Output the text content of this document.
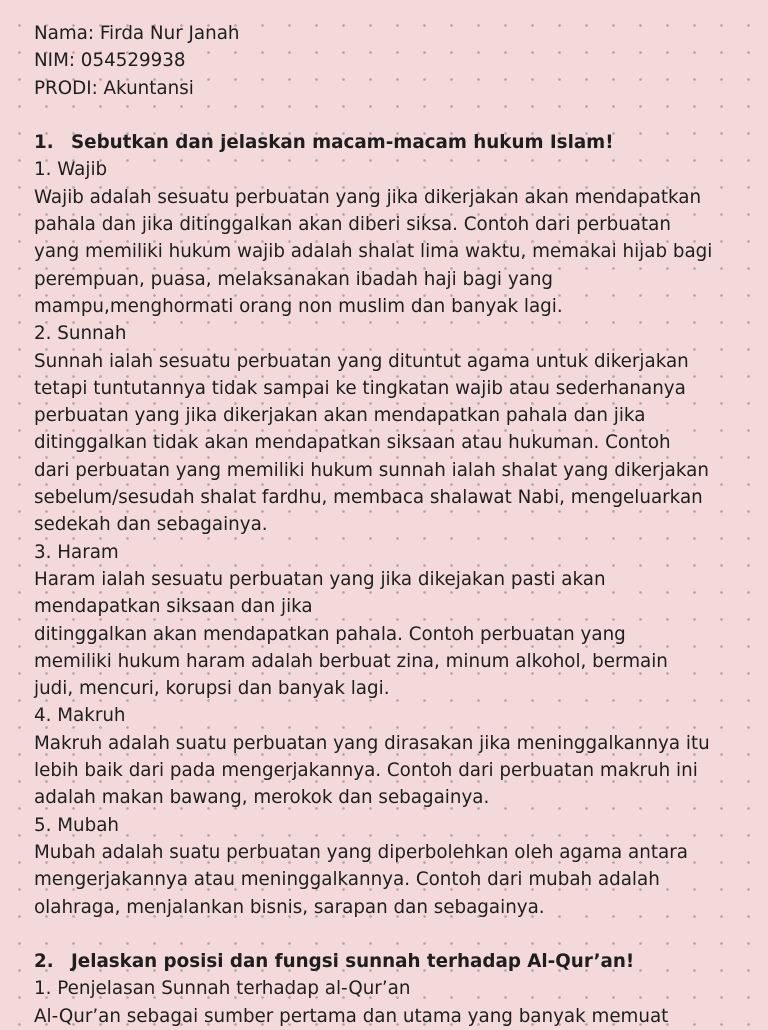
Nama: Firda Nur Janah
NIM: 054529938
PRODI: Akuntansi
1. Sebutkan dan jelaskan macam-macam hukum Islam!
1. Wajib
Wajib adalah sesuatu perbuatan yang jika dikerjakan akan mendapatkan
pahala dan jika ditinggalkan akan diberi siksa. Contoh dari perbuatan
yang memiliki hukum wajib adalah shalat lima waktu, memakai hijab bagi
perempuan, puasa, melaksanakan ibadah haji bagi yang
mampu,menghormati orang non muslim dan banyak lagi.
2. Sunnah
Sunnah ialah sesuatu perbuatan yang dituntut agama untuk dikerjakan
tetapi tuntutannya tidak sampai ke tingkatan wajib atau sederhananya
perbuatan yang jika dikerjakan akan mendapatkan pahala dan jika
ditinggalkan tidak akan mendapatkan siksaan atau hukuman. Contoh
dari perbuatan yang memiliki hukum sunnah ialah shalat yang dikerjakan
sebelum/sesudah shalat fardhu, membaca shalawat Nabi, mengeluarkan
sedekah dan sebagainya.
3. Haram
Haram ialah sesuatu perbuatan yang jika dikejakan pasti akan
mendapatkan siksaan dan jika
ditinggalkan akan mendapatkan pahala. Contoh perbuatan yang
memiliki hukum haram adalah berbuat zina, minum alkohol, bermain
judi, mencuri, korupsi dan banyak lagi.
4. Makruh
Makruh adalah suatu perbuatan yang dirasakan jika meninggalkannya itu
lebih baik dari pada mengerjakannya. Contoh dari perbuatan makruh ini
adalah makan bawang, merokok dan sebagainya.
5. Mubah
Mubah adalah suatu perbuatan yang diperbolehkan oleh agama antara
mengerjakannya atau meninggalkannya. Contoh dari mubah adalah
olahraga, menjalankan bisnis, sarapan dan sebagainya.
2. Jelaskan posisi dan fungsi sunnah terhadap Al-Qur’an!
1. Penjelasan Sunnah terhadap al-Qur’an
Al-Qur’an sebagai sumber pertama dan utama yang banyak memuat
